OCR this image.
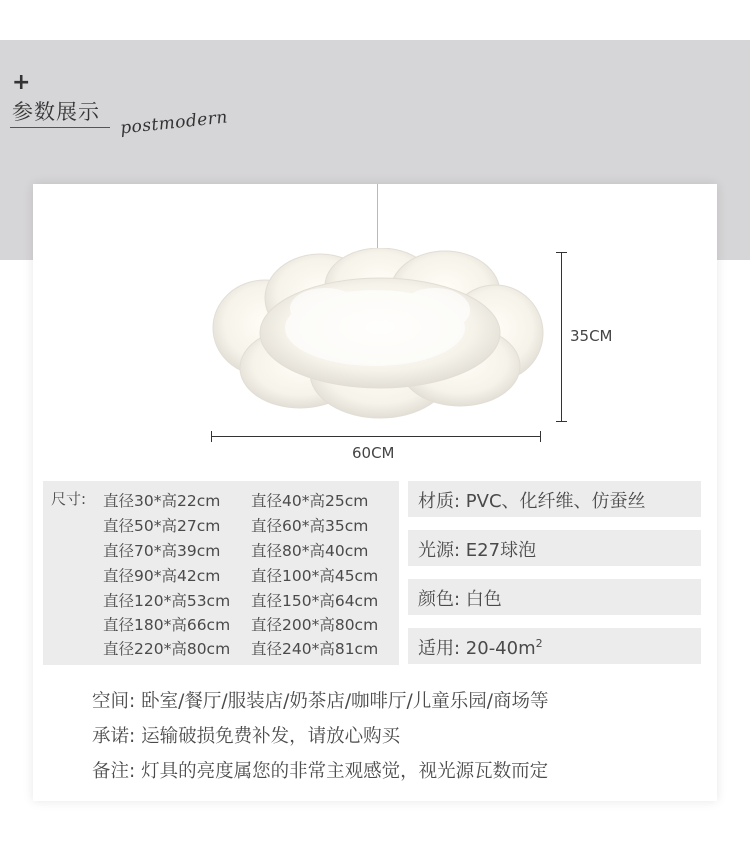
+
参数展示 postmodern
35CM
60CM
尺寸: 直径30*高22cm 直径40*高25cm
直径50*高27cm 直径60*高35cm
直径70*高39cm 直径80*高40cm
直径90*高42cm 直径100*高45cm
直径120*高53cm 直径150*高64cm
直径180*高66cm 直径200*高80cm
直径220*高80cm 直径240*高81cm
材质: PVC、化纤维、仿蚕丝
光源: E27球泡
颜色: 白色
适用: $20-40m^2$
空间: 卧室/餐厅/服装店/奶茶店/咖啡厅/儿童乐园/商场等
承诺: 运输破损免费补发，请放心购买
备注: 灯具的亮度属您的非常主观感觉，视光源瓦数而定
